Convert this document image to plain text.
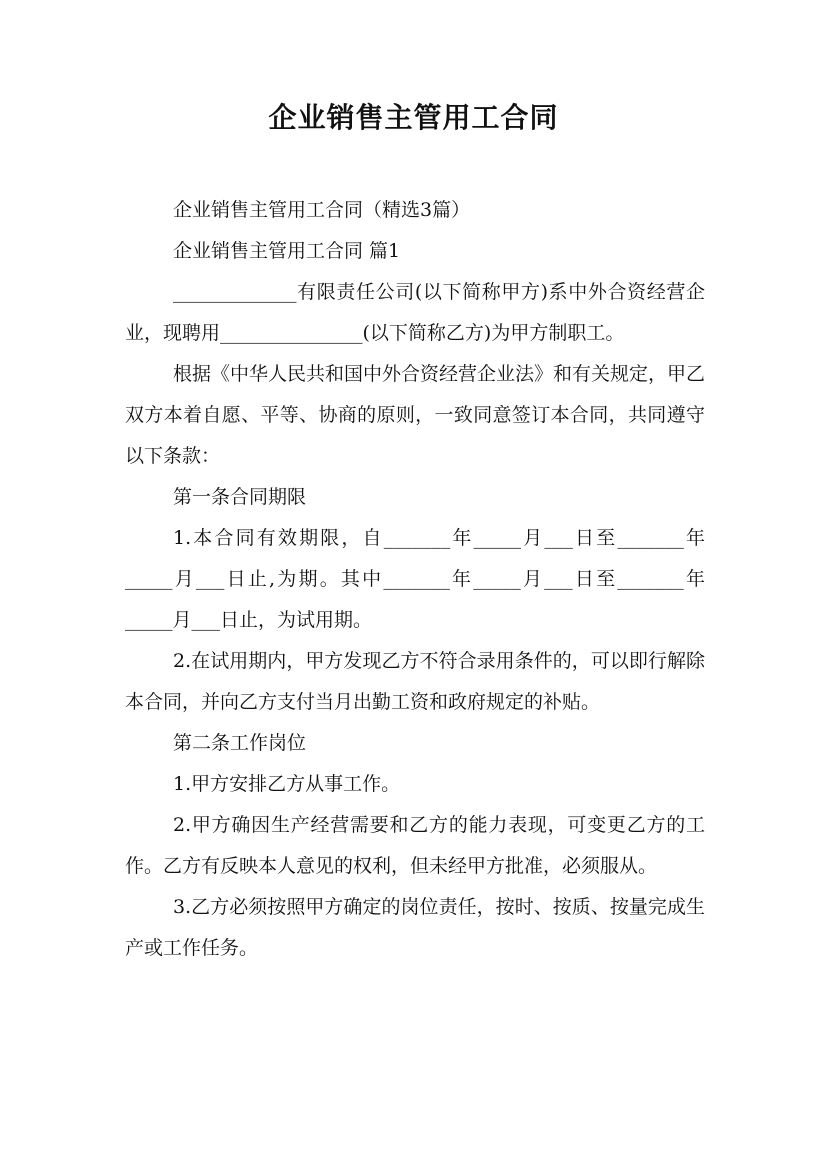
企业销售主管用工合同

企业销售主管用工合同（精选3篇）

企业销售主管用工合同 篇1

_____________有限责任公司(以下简称甲方)系中外合资经营企业，现聘用_______________(以下简称乙方)为甲方制职工。

根据《中华人民共和国中外合资经营企业法》和有关规定，甲乙双方本着自愿、平等、协商的原则，一致同意签订本合同，共同遵守以下条款：

第一条合同期限

1.本合同有效期限，自_______年_____月___日至_______年_____月___日止,为期。其中_______年_____月___日至_______年_____月___日止，为试用期。

2.在试用期内，甲方发现乙方不符合录用条件的，可以即行解除本合同，并向乙方支付当月出勤工资和政府规定的补贴。

第二条工作岗位

1.甲方安排乙方从事工作。

2.甲方确因生产经营需要和乙方的能力表现，可变更乙方的工作。乙方有反映本人意见的权利，但未经甲方批准，必须服从。

3.乙方必须按照甲方确定的岗位责任，按时、按质、按量完成生产或工作任务。
